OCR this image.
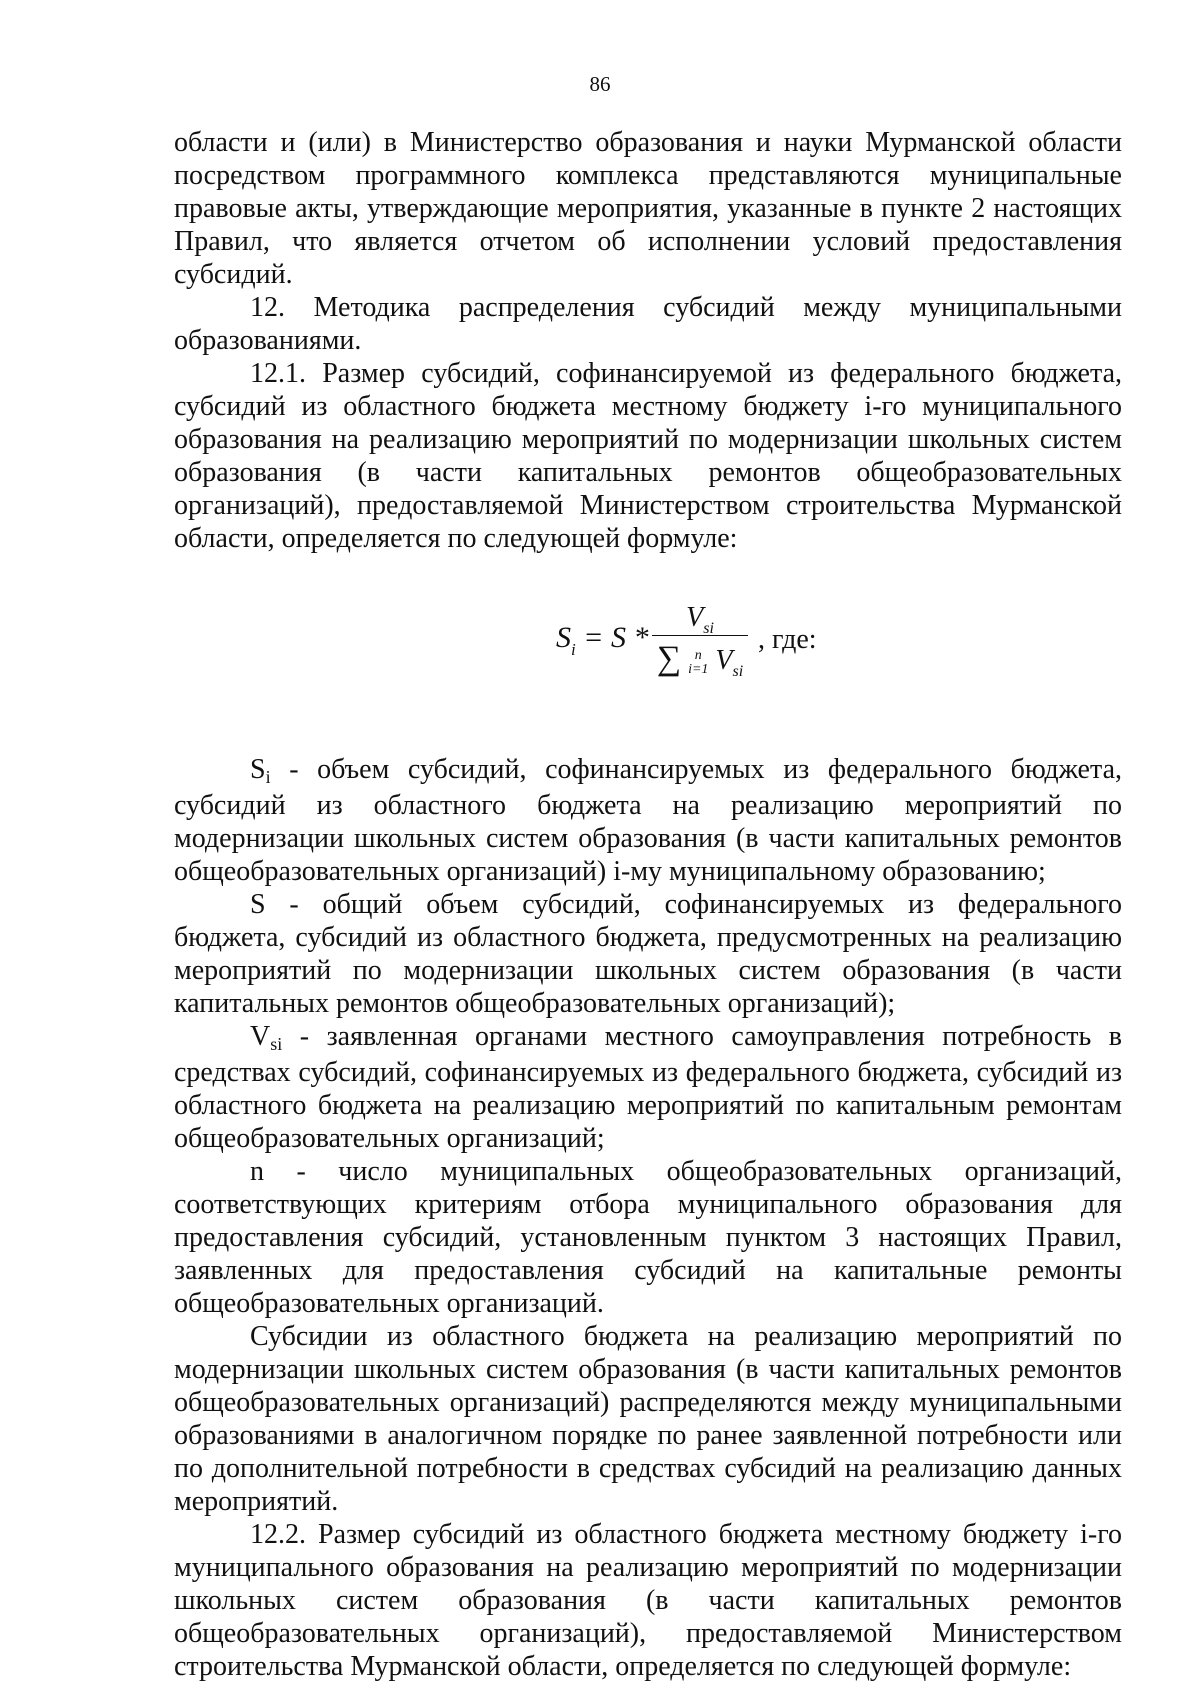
86

области и (или) в Министерство образования и науки Мурманской области посредством программного комплекса представляются муниципальные правовые акты, утверждающие мероприятия, указанные в пункте 2 настоящих Правил, что является отчетом об исполнении условий предоставления субсидий.

12. Методика распределения субсидий между муниципальными образованиями.

12.1. Размер субсидий, софинансируемой из федерального бюджета, субсидий из областного бюджета местному бюджету i-го муниципального образования на реализацию мероприятий по модернизации школьных систем образования (в части капитальных ремонтов общеобразовательных организаций), предоставляемой Министерством строительства Мурманской области, определяется по следующей формуле:

$S_i = S$ *
$V_{si}$
∑ n
i=1 $V_{si}$
, где:

Si - объем субсидий, софинансируемых из федерального бюджета, субсидий из областного бюджета на реализацию мероприятий по модернизации школьных систем образования (в части капитальных ремонтов общеобразовательных организаций) i-му муниципальному образованию;

S - общий объем субсидий, софинансируемых из федерального бюджета, субсидий из областного бюджета, предусмотренных на реализацию мероприятий по модернизации школьных систем образования (в части капитальных ремонтов общеобразовательных организаций);

Vsi - заявленная органами местного самоуправления потребность в средствах субсидий, софинансируемых из федерального бюджета, субсидий из областного бюджета на реализацию мероприятий по капитальным ремонтам общеобразовательных организаций;

n - число муниципальных общеобразовательных организаций, соответствующих критериям отбора муниципального образования для предоставления субсидий, установленным пунктом 3 настоящих Правил, заявленных для предоставления субсидий на капитальные ремонты общеобразовательных организаций.

Субсидии из областного бюджета на реализацию мероприятий по модернизации школьных систем образования (в части капитальных ремонтов общеобразовательных организаций) распределяются между муниципальными образованиями в аналогичном порядке по ранее заявленной потребности или по дополнительной потребности в средствах субсидий на реализацию данных мероприятий.

12.2. Размер субсидий из областного бюджета местному бюджету i-го муниципального образования на реализацию мероприятий по модернизации школьных систем образования (в части капитальных ремонтов общеобразовательных организаций), предоставляемой Министерством строительства Мурманской области, определяется по следующей формуле:
